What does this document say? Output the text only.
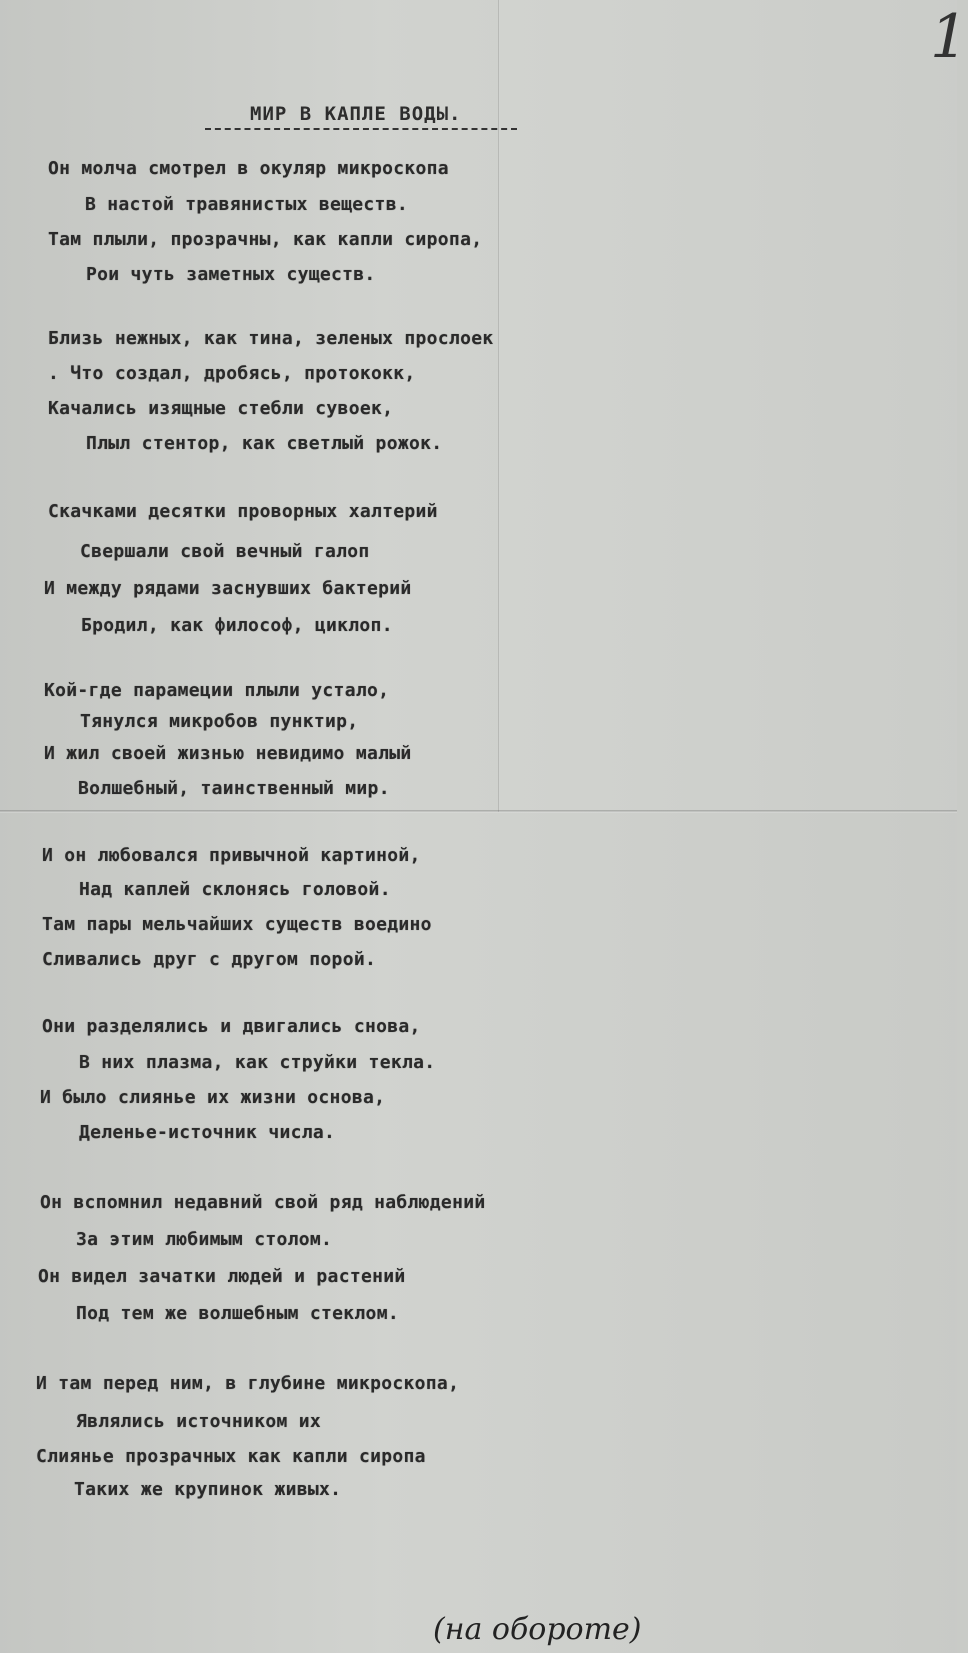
1
МИР В КАПЛЕ ВОДЫ.
Он молча смотрел в окуляр микроскопа
В настой травянистых веществ.
Там плыли, прозрачны, как капли сиропа,
Рои чуть заметных существ.
Близь нежных, как тина, зеленых прослоек
. Что создал, дробясь, протококк,
Качались изящные стебли сувоек,
Плыл стентор, как светлый рожок.
Скачками десятки проворных халтерий
Свершали свой вечный галоп
И между рядами заснувших бактерий
Бродил, как философ, циклоп.
Кой-где парамеции плыли устало,
Тянулся микробов пунктир,
И жил своей жизнью невидимо малый
Волшебный, таинственный мир.
И он любовался привычной картиной,
Над каплей склонясь головой.
Там пары мельчайших существ воедино
Сливались друг с другом порой.
Они разделялись и двигались снова,
В них плазма, как струйки текла.
И было слиянье их жизни основа,
Деленье-источник числа.
Он вспомнил недавний свой ряд наблюдений
За этим любимым столом.
Он видел зачатки людей и растений
Под тем же волшебным стеклом.
И там перед ним, в глубине микроскопа,
Являлись источником их
Слиянье прозрачных как капли сиропа
Таких же крупинок живых.
(на обороте)
